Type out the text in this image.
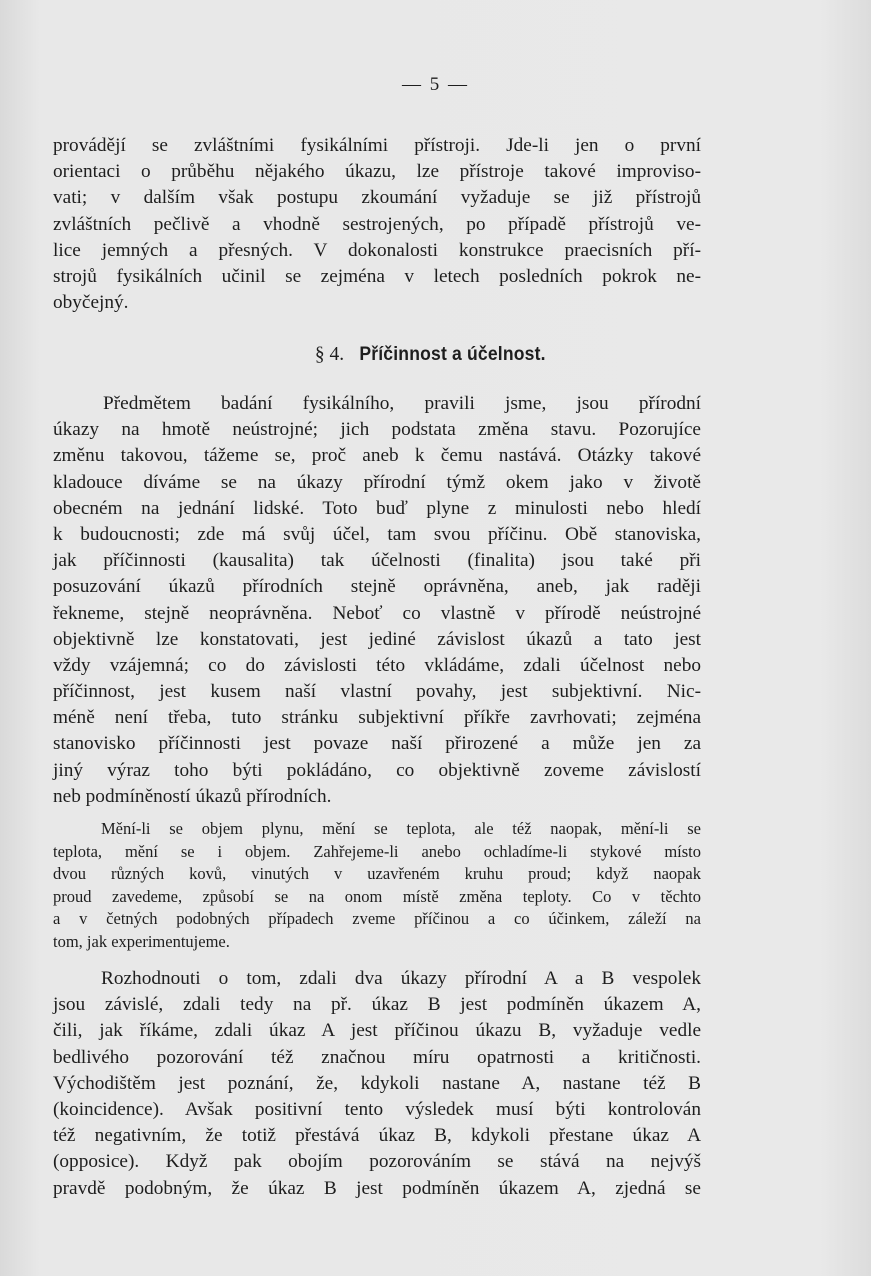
— 5 —
provádějí se zvláštními fysikálními přístroji. Jde-li jen o první
orientaci o průběhu nějakého úkazu, lze přístroje takové improviso-
vati; v dalším však postupu zkoumání vyžaduje se již přístrojů
zvláštních pečlivě a vhodně sestrojených, po případě přístrojů ve-
lice jemných a přesných. V dokonalosti konstrukce praecisních pří-
strojů fysikálních učinil se zejména v letech posledních pokrok ne-
obyčejný.
§ 4. Příčinnost a účelnost.
Předmětem badání fysikálního, pravili jsme, jsou přírodní
úkazy na hmotě neústrojné; jich podstata změna stavu. Pozorujíce
změnu takovou, tážeme se, proč aneb k čemu nastává. Otázky takové
kladouce díváme se na úkazy přírodní týmž okem jako v životě
obecném na jednání lidské. Toto buď plyne z minulosti nebo hledí
k budoucnosti; zde má svůj účel, tam svou příčinu. Obě stanoviska,
jak příčinnosti (kausalita) tak účelnosti (finalita) jsou také při
posuzování úkazů přírodních stejně oprávněna, aneb, jak raději
řekneme, stejně neoprávněna. Neboť co vlastně v přírodě neústrojné
objektivně lze konstatovati, jest jediné závislost úkazů a tato jest
vždy vzájemná; co do závislosti této vkládáme, zdali účelnost nebo
příčinnost, jest kusem naší vlastní povahy, jest subjektivní. Nic-
méně není třeba, tuto stránku subjektivní příkře zavrhovati; zejména
stanovisko příčinnosti jest povaze naší přirozené a může jen za
jiný výraz toho býti pokládáno, co objektivně zoveme závislostí
neb podmíněností úkazů přírodních.
Mění-li se objem plynu, mění se teplota, ale též naopak, mění-li se
teplota, mění se i objem. Zahřejeme-li anebo ochladíme-li stykové místo
dvou různých kovů, vinutých v uzavřeném kruhu proud; když naopak
proud zavedeme, způsobí se na onom místě změna teploty. Co v těchto
a v četných podobných případech zveme příčinou a co účinkem, záleží na
tom, jak experimentujeme.
Rozhodnouti o tom, zdali dva úkazy přírodní A a B vespolek
jsou závislé, zdali tedy na př. úkaz B jest podmíněn úkazem A,
čili, jak říkáme, zdali úkaz A jest příčinou úkazu B, vyžaduje vedle
bedlivého pozorování též značnou míru opatrnosti a kritičnosti.
Východištěm jest poznání, že, kdykoli nastane A, nastane též B
(koincidence). Avšak positivní tento výsledek musí býti kontrolován
též negativním, že totiž přestává úkaz B, kdykoli přestane úkaz A
(opposice). Když pak obojím pozorováním se stává na nejvýš
pravdě podobným, že úkaz B jest podmíněn úkazem A, zjedná se
